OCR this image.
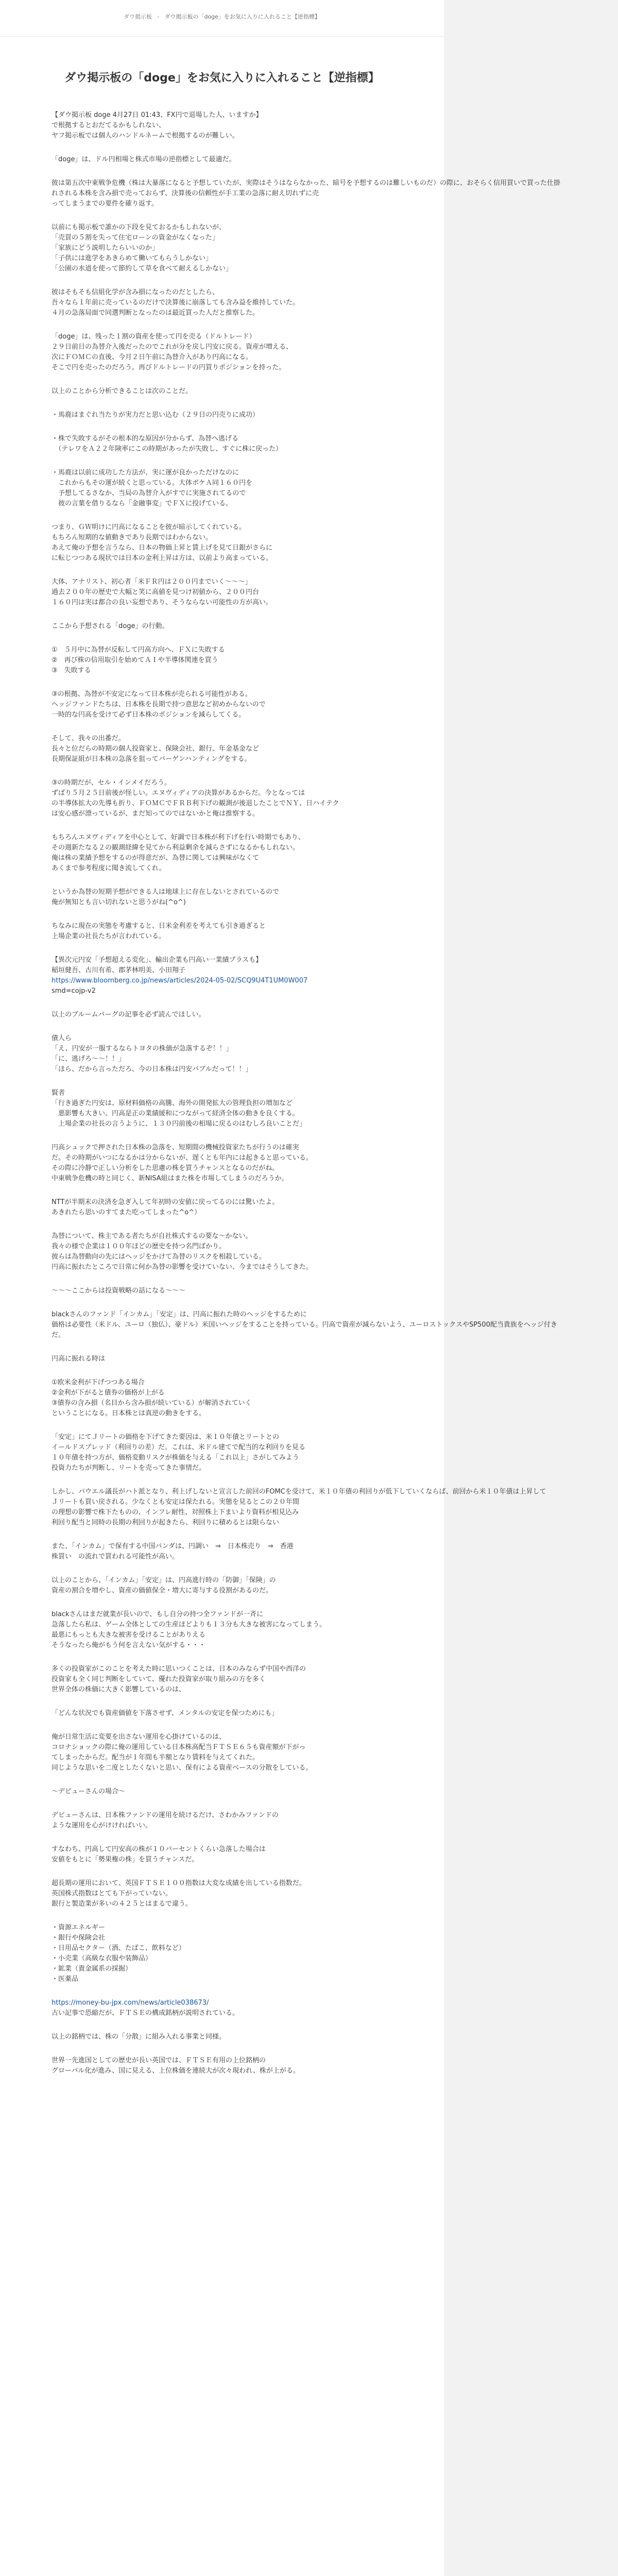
ダウ掲示板 › ダウ掲示板の「doge」をお気に入りに入れること【逆指標】
ダウ掲示板の「doge」をお気に入りに入れること【逆指標】
【ダウ掲示板 doge 4月27日 01:43、FX円で退場した人、いますか】
で根拠するとおだてるかもしれない、
ヤフ掲示板では個人のハンドルネームで根拠するのが難しい。
「doge」は、ドル円相場と株式市場の逆指標として最適だ。
彼は第五次中東戦争危機（株は大暴落になると予想していたが、実際はそうはならなかった、暗号を予想するのは難しいものだ）の際に、おそらく信用買いで買った仕掛
れされる本株を含み損で売っておらず、決算後の信頼性が手工業の急落に耐え切れずに売
ってしまうまでの要件を確り返す。
以前にも掲示板で誰かの下段を見ておるかもしれないが、
「売買の５割を失って住宅ローンの資金がなくなった」
「家族にどう説明したらいいのか」
「子供には進学をあきらめて働いてもらうしかない」
「公園の水道を使って節約して草を食べて耐えるしかない」
彼はそもそも信組化学が含み損になったのだとしたら、
吾々なら１年前に売っているのだけで決算後に崩落しても含み益を維持していた。
４月の急落局面で同選判断となったのは最近買った人だと推察した。
「doge」は、残った１割の資産を使って円を売る（ドルトレード）
２９日前日の為替介入後だったのでこれが分を戻し円安に戻る。資産が増える、
次にＦＯＭＣの直後、今月２日午前に為替介入があり円高になる。
そこで円を売ったのだろう。再びドルトレードの円買りポジションを持った。
以上のことから分析できることは次のことだ。
・馬鹿はまぐれ当たりが実力だと思い込む（２９日の円売りに成功）
・株で失敗するがその根本的な原因が分からず、為替へ逃げる
　（テレワをＡ２２年険率にこの時期があったが失敗し、すぐに株に戻った）
・馬鹿は以前に成功した方法が、実に運が良かっただけなのに
　これからもその運が続くと思っている。大体ボケＡ同１６０円を
　予想してるさなか、当局の為替介入がすでに実施されてるので
　彼の言葉を借りるなら「金融事変」でＦＸに投げている。
つまり、ＧＷ明けに円高になることを彼が暗示してくれている。
もちろん短期的な値動きであり長期ではわからない。
あえて俺の予想を言うなら、日本の物価上昇と賃上げを見て日銀がさらに
に転じつつある現状では日本の金利上昇は方は、以前より高まっている。
大体、アナリスト、初心者「米ＦＲ円は２００円までいく〜〜〜」
過去２００年の歴史で大幅と笑に高値を見つけ初値から、２００円台
１６０円は実は都合の良い妄想であり、そうならない可能性の方が高い。
ここから予想される「doge」の行動。
①　５月中に為替が反転して円高方向へ、ＦＸに失敗する
②　再び株の信用取引を始めてＡＩや半導体関連を買う
③　失敗する
③の根拠、為替が不安定になって日本株が売られる可能性がある。
ヘッジファンドたちは、日本株を長期で持つ意思など初めからないので
一時的な円高を受けて必ず日本株のポジションを減らしてくる。
そして、我々の出番だ。
長々と位だらの時期の個人投資家と、保険会社、銀行、年金基金など
長期保証組が日本株の急落を狙ってバーゲンハンティングをする。
③の時期だが、セル・インメイだろう。
ずばり５月２５日前後が怪しい。エヌヴィディアの決算があるからだ。今となっては
の半導体拡大の先導も折り、ＦＯＭＣでＦＲＢ利下げの観測が後退したことでＮＹ、日ハイテク
は安心感が漂っているが、まだ知ってのではないかと俺は推察する。
もちろんエヌヴィディアを中心として、好調で日本株が利下げを行い時期でもあり、
その週新たなる２の観測経緯を見てから利益剰余を減らさずになるかもしれない。
俺は株の業績予想をするのが得意だが、為替に関しては興味がなくて
あくまで参考程度に聞き流してくれ。
というか為替の短期予想ができる人は地球上に存在しないとされているので
俺が無知とも言い切れないと思うがね(^o^)
ちなみに現在の実態を考慮すると、日米金利差を考えても引き過ぎると
上場企業の社長たちが言われている。
【異次元円安「予想超える変化」、輸出企業も円高い一業績プラスも】
稲垣健吾、古川有希、郡茅林明美、小田翔子
https://www.bloomberg.co.jp/news/articles/2024-05-02/SCQ9U4T1UM0W007
smd=cojp-v2
以上のブルームバーグの記事を必ず読んでほしい。
債人ら
「え、円安が一服するならトヨタの株価が急落するぞ！！」
「に、逃げろ〜〜！！」
「ほら、だから言っただろ、今の日本株は円安バブルだって！！」
賢者
「行き過ぎた円安は、原材料価格の高騰、海外の開発拡大の管理負担の増加など
　悪影響も大きい。円高是正の業績緩和につながって経済全体の動きを良くする。
　上場企業の社長の言うように、１３０円前後の相場に戻るのはむしろ良いことだ」
円高シュックで押された日本株の急落を、短期間の機械投資家たちが行うのは確実
だ。その時期がいつになるかは分からないが、遅くとも年内には起きると思っている。
その際に冷静で正しい分析をした思慮の株を買うチャンスとなるのだがね。
中東戦争危機の時と同じく、新NISA組はまた株を市場してしまうのだろうか。
NTTが半期末の決済を急ぎ入して年初時の安値に戻ってるのには驚いたよ。
あきれたら思いのすてまた吃ってしまった^o^）
為替について、株主である者たちが自社株式するの要な〜かない。
我々の様で企業は１００年ほどの歴史を持つ名門ばかり。
彼らは為替動向の先にはヘッジをかけて為替のリスクを相殺している。
円高に振れたところで日常に何か為替の影響を受けていない、今まではそうしてきた。
〜〜〜ここからは投資戦略の話になる〜〜〜
blackさんのファンド「インカム」「安定」は、円高に振れた時のヘッジをするために
価格は必要性（米ドル、ユーロ（独仏）、豪ドル）米国いヘッジをすることを持っている。円高で資産が減らないよう、ユーロストックスやSP500配当貴族をヘッジ付き
だ。
円高に振れる時は
①欧米金利が下げつつある場合
②金利が下がると債券の価格が上がる
③債券の含み損（名目から含み損が続いている）が解消されていく
ということになる。日本株とは真逆の動きをする。
「安定」にてＪリートの価格を下げてきた要因は、米１０年債とリートとの
イールドスプレッド（利回りの差）だ。これは、米ドル建てで配当的な利回りを見る
１０年債を持つ方が、価格変動リスクが株価を与える「これ以上」さがしてみよう
投資力たちが判断し、リートを売ってきた事情だ。
しかし、パウエル議長がハト派となり、利上げしないと宣言した前回のFOMCを受けて、米１０年債の利回りが低下していくならば、前回から米１０年債は上昇して
Ｊリートも買い戻される。少なくとも安定は保たれる。実態を見るとこの２０年間
の理想の影響で株下たものの、インフレ耐性、対照株上下まいより資料が相見込み
利回り配当と同時の長期の利回りが起きたら、利回りに積めるとは限らない
また、「インカム」で保有する中国パンダは、円調い　⇒　日本株売り　⇒　香港
株買い　の流れで買われる可能性が高い。
以上のことから、「インカム」「安定」は、円高進行時の「防御」「保険」の
資産の割合を増やし、資産の価値保全・増大に寄与する役割があるのだ。
blackさんはまだ就業が長いので、もし自分の持つ全ファンドが一斉に
急落したら私は、ゲーム全体としての生産ほどよりも１３分も大きな被害になってしまう。
最悪にもっとも大きな被害を受けることがありえる
そうなったら俺がもう何を言えない気がする・・・
多くの投資家がこのことを考えた時に思いつくことは、日本のみならず中国や西洋の
投資家も全く同じ判断をしていて、優れた投資家が取り組みの方を多く
世界全体の株価に大きく影響しているのは、
「どんな状況でも資産価値を下落させず、メンタルの安定を保つためにも」
俺が日常生活に変要を出さない運用を心掛けているのは、
コロナショックの際に俺の運用している日本株高配当ＦＴＳＥ６５も資産額が下がっ
てしまったからだ。配当が１年間も半額となり賃料を与えてくれた。
同じような思いを二度としたくないと思い、保有による資産ベースの分散をしている。
〜デビューさんの場合〜
デビューさんは、日本株ファンドの運用を続けるだけ、さわかみファンドの
ような運用を心がけければいい。
すなわち、円高して円安高の株が１０パーセントくらい急落した場合は
安値をもとに「勢果権の株」を買うチャンスだ。
超長期の運用において、英国ＦＴＳＥ１００指数は大変な成績を出している指数だ。
英国株式指数はとても下がっていない。
銀行と製造業が多いの４２５とはまるで違う。
・資源エネルギー
・銀行や保険会社
・日用品セクター（酒、たばこ、飲料など）
・小売業（高級な衣服や装飾品）
・鉱業（貴金属系の採掘）
・医薬品
https://money-bu-jpx.com/news/article038673/
古い記事で恐縮だが、ＦＴＳＥの構成銘柄が説明されている。
以上の銘柄では、株の「分散」に組み入れる事業と同様。
世界一先進国としての歴史が長い英国では、ＦＴＳＥ有用の上位銘柄の
グローバル化が進み、国に見える、上位株価を連続大が次々現われ、株が上がる。
